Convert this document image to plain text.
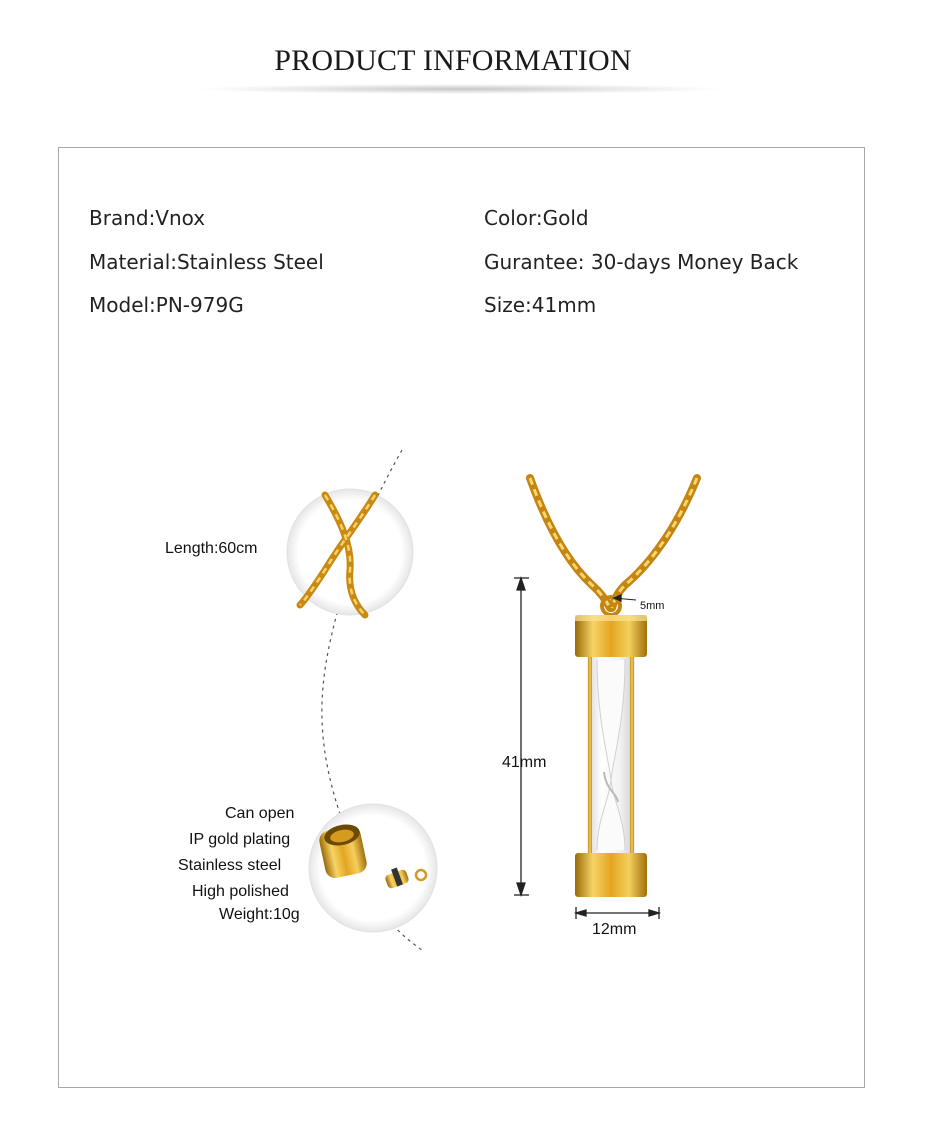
PRODUCT INFORMATION
Brand:Vnox
Material:Stainless Steel
Model:PN-979G
Color:Gold
Gurantee: 30-days Money Back
Size:41mm
Length:60cm
Can open
IP gold plating
Stainless steel
High polished
Weight:10g
5mm
41mm
12mm
